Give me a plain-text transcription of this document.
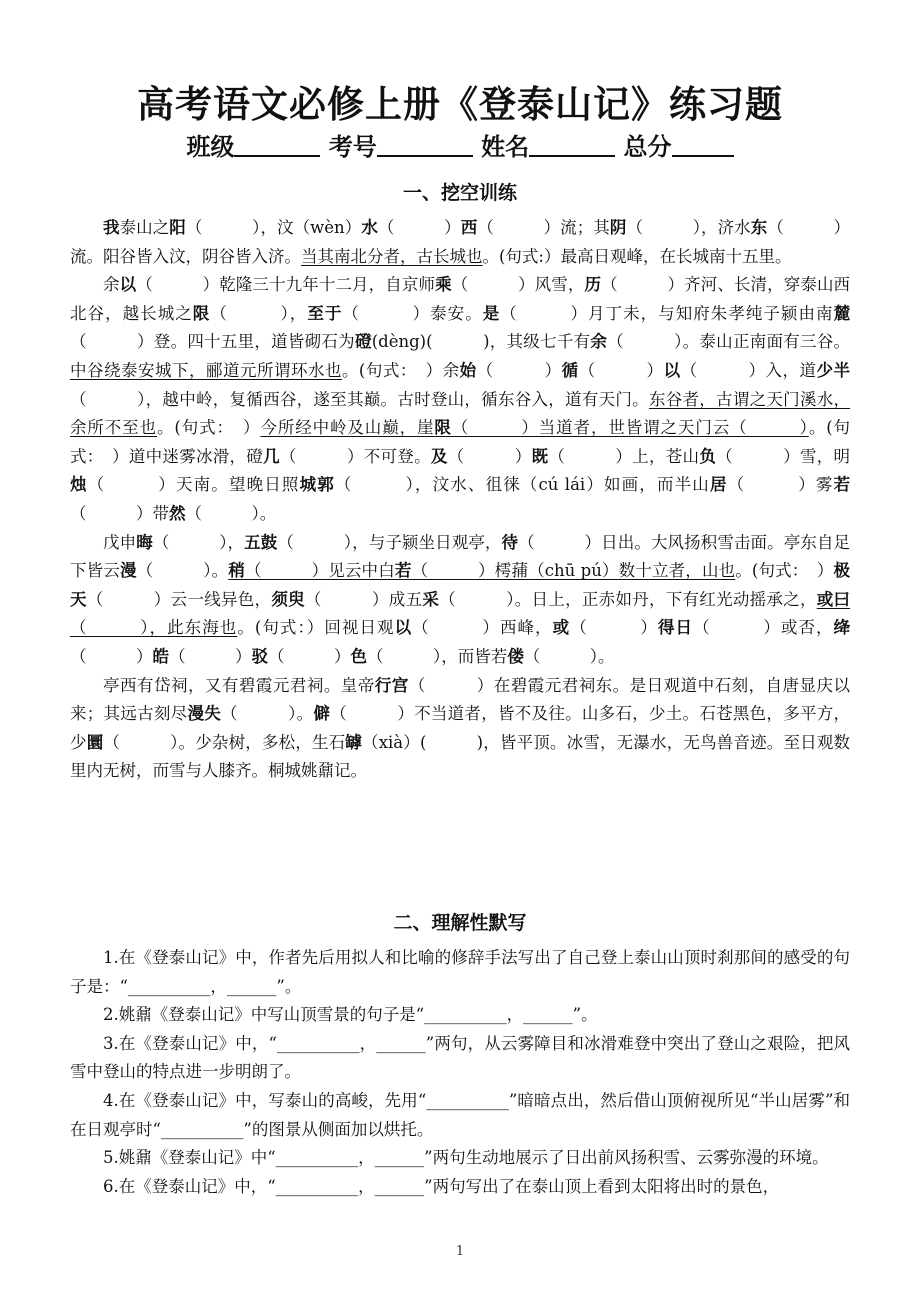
高考语文必修上册《登泰山记》练习题
班级	考号	姓名	总分
一、挖空训练

我泰山之阳（　　　），汶（wèn）水（　　　）西（　　　）流；其阴（　　　），济水东（　　　）流。阳谷皆入汶，阴谷皆入济。当其南北分者，古长城也。(句式:）最高日观峰，在长城南十五里。

余以（　　　）乾隆三十九年十二月，自京师乘（　　　）风雪，历（　　　）齐河、长清，穿泰山西北谷，越长城之限（　　　），至于（　　　）泰安。是（　　　）月丁未，与知府朱孝纯子颍由南麓（　　　）登。四十五里，道皆砌石为磴(dèng)(　　　)，其级七千有余（　　　）。泰山正南面有三谷。中谷绕泰安城下，郦道元所谓环水也。(句式：　）余始（　　　）循（　　　）以（　　　）入，道少半（　　　），越中岭，复循西谷，遂至其巅。古时登山，循东谷入，道有天门。东谷者，古谓之天门溪水，余所不至也。(句式：　）今所经中岭及山巅，崖限（　　　）当道者，世皆谓之天门云（　　　）。(句式：　）道中迷雾冰滑，磴几（　　　）不可登。及（　　　）既（　　　）上，苍山负（　　　）雪，明烛（　　　）天南。望晚日照城郭（　　　），汶水、徂徕（cú lái）如画，而半山居（　　　）雾若（　　　）带然（　　　）。

戊申晦（　　　），五鼓（　　　），与子颍坐日观亭，待（　　　）日出。大风扬积雪击面。亭东自足下皆云漫（　　　）。稍（　　　）见云中白若（　　　）樗蒱（chū pú）数十立者，山也。(句式：　）极天（　　　）云一线异色，须臾（　　　）成五采（　　　）。日上，正赤如丹，下有红光动摇承之，或曰（　　　），此东海也。(句式：）回视日观以（　　　）西峰，或（　　　）得日（　　　）或否，绛（　　　）皓（　　　）驳（　　　）色（　　　），而皆若偻（　　　）。

亭西有岱祠，又有碧霞元君祠。皇帝行宫（　　　）在碧霞元君祠东。是日观道中石刻，自唐显庆以来；其远古刻尽漫失（　　　）。僻（　　　）不当道者，皆不及往。山多石，少土。石苍黑色，多平方，少圜（　　　）。少杂树，多松，生石罅（xià）(　　　)，皆平顶。冰雪，无瀑水，无鸟兽音迹。至日观数里内无树，而雪与人膝齐。桐城姚鼐记。

二、理解性默写

1.在《登泰山记》中，作者先后用拟人和比喻的修辞手法写出了自己登上泰山山顶时刹那间的感受的句子是：“__________，______”。

2.姚鼐《登泰山记》中写山顶雪景的句子是“__________，______”。

3.在《登泰山记》中，“__________，______”两句，从云雾障目和冰滑难登中突出了登山之艰险，把风雪中登山的特点进一步明朗了。

4.在《登泰山记》中，写泰山的高峻，先用“__________”暗暗点出，然后借山顶俯视所见“半山居雾”和在日观亭时“__________”的图景从侧面加以烘托。

5.姚鼐《登泰山记》中“__________，______”两句生动地展示了日出前风扬积雪、云雾弥漫的环境。

6.在《登泰山记》中，“__________，______”两句写出了在泰山顶上看到太阳将出时的景色，

1
